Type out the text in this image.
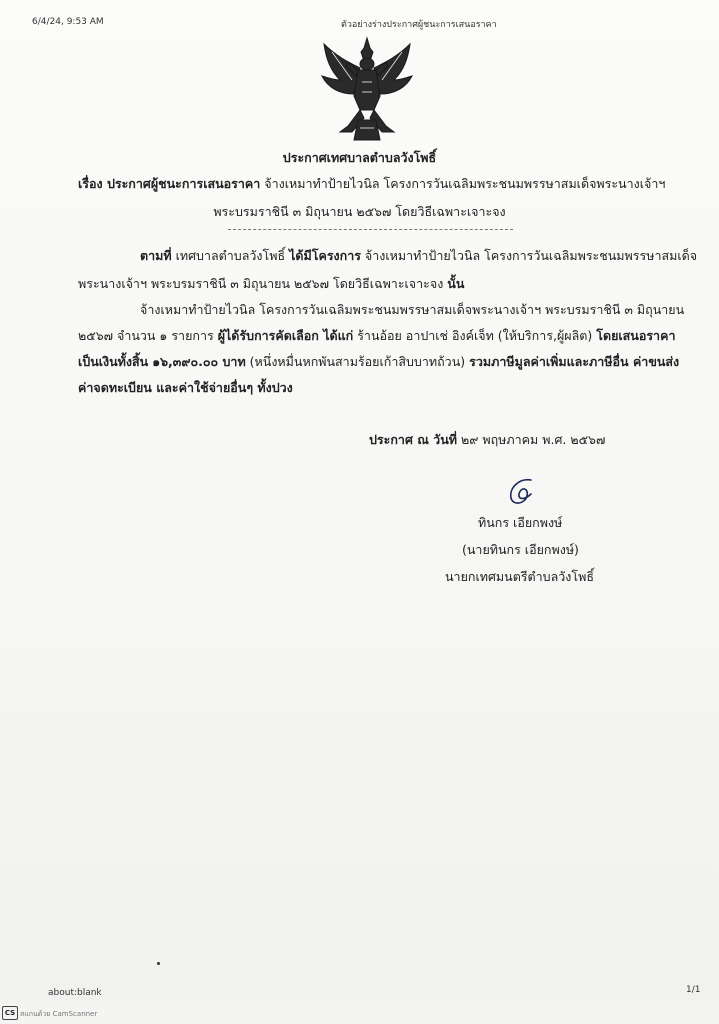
6/4/24, 9:53 AM	ตัวอย่างร่างประกาศผู้ชนะการเสนอราคา
ประกาศเทศบาลตำบลวังโพธิ์
เรื่อง ประกาศผู้ชนะการเสนอราคา จ้างเหมาทำป้ายไวนิล โครงการวันเฉลิมพระชนมพรรษาสมเด็จพระนางเจ้าฯ
พระบรมราชินี ๓ มิถุนายน ๒๕๖๗ โดยวิธีเฉพาะเจาะจง
ตามที่ เทศบาลตำบลวังโพธิ์ ได้มีโครงการ จ้างเหมาทำป้ายไวนิล โครงการวันเฉลิมพระชนมพรรษาสมเด็จ
พระนางเจ้าฯ พระบรมราชินี ๓ มิถุนายน ๒๕๖๗ โดยวิธีเฉพาะเจาะจง นั้น
จ้างเหมาทำป้ายไวนิล โครงการวันเฉลิมพระชนมพรรษาสมเด็จพระนางเจ้าฯ พระบรมราชินี ๓ มิถุนายน
๒๕๖๗ จำนวน ๑ รายการ ผู้ได้รับการคัดเลือก ได้แก่ ร้านอ้อย อาปาเช่ อิงค์เจ็ท (ให้บริการ,ผู้ผลิต) โดยเสนอราคา
เป็นเงินทั้งสิ้น ๑๖,๓๙๐.๐๐ บาท (หนึ่งหมื่นหกพันสามร้อยเก้าสิบบาทถ้วน) รวมภาษีมูลค่าเพิ่มและภาษีอื่น ค่าขนส่ง
ค่าจดทะเบียน และค่าใช้จ่ายอื่นๆ ทั้งปวง
ประกาศ ณ วันที่ ๒๙ พฤษภาคม พ.ศ. ๒๕๖๗
ทินกร เอียกพงษ์
(นายทินกร เอียกพงษ์)
นายกเทศมนตรีตำบลวังโพธิ์
about:blank	1/1
CS สแกนด้วย CamScanner
